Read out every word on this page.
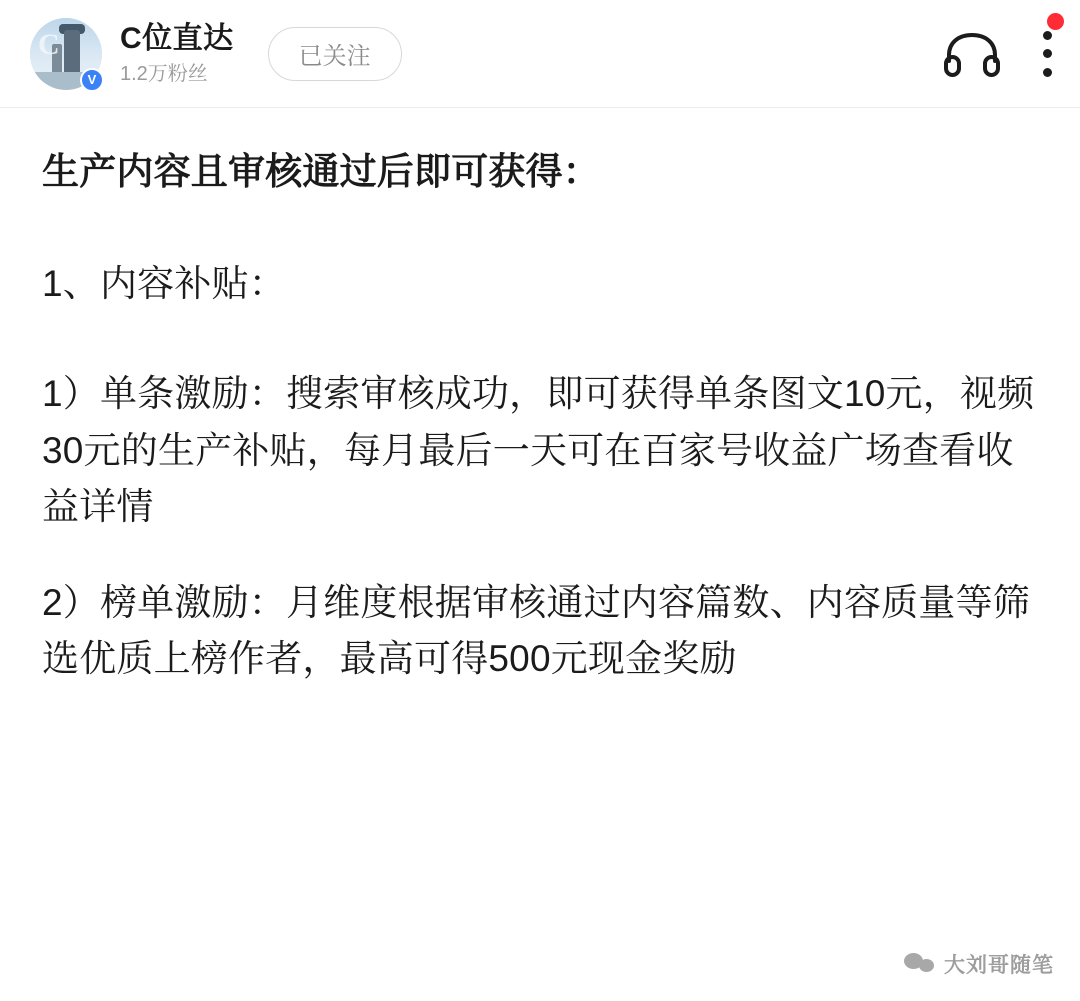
C
V
C位直达
1.2万粉丝
已关注

生产内容且审核通过后即可获得：

1、内容补贴：

1）单条激励：搜索审核成功，即可获得单条图文10元，视频30元的生产补贴，每月最后一天可在百家号收益广场查看收益详情

2）榜单激励：月维度根据审核通过内容篇数、内容质量等筛选优质上榜作者，最高可得500元现金奖励

大刘哥随笔
